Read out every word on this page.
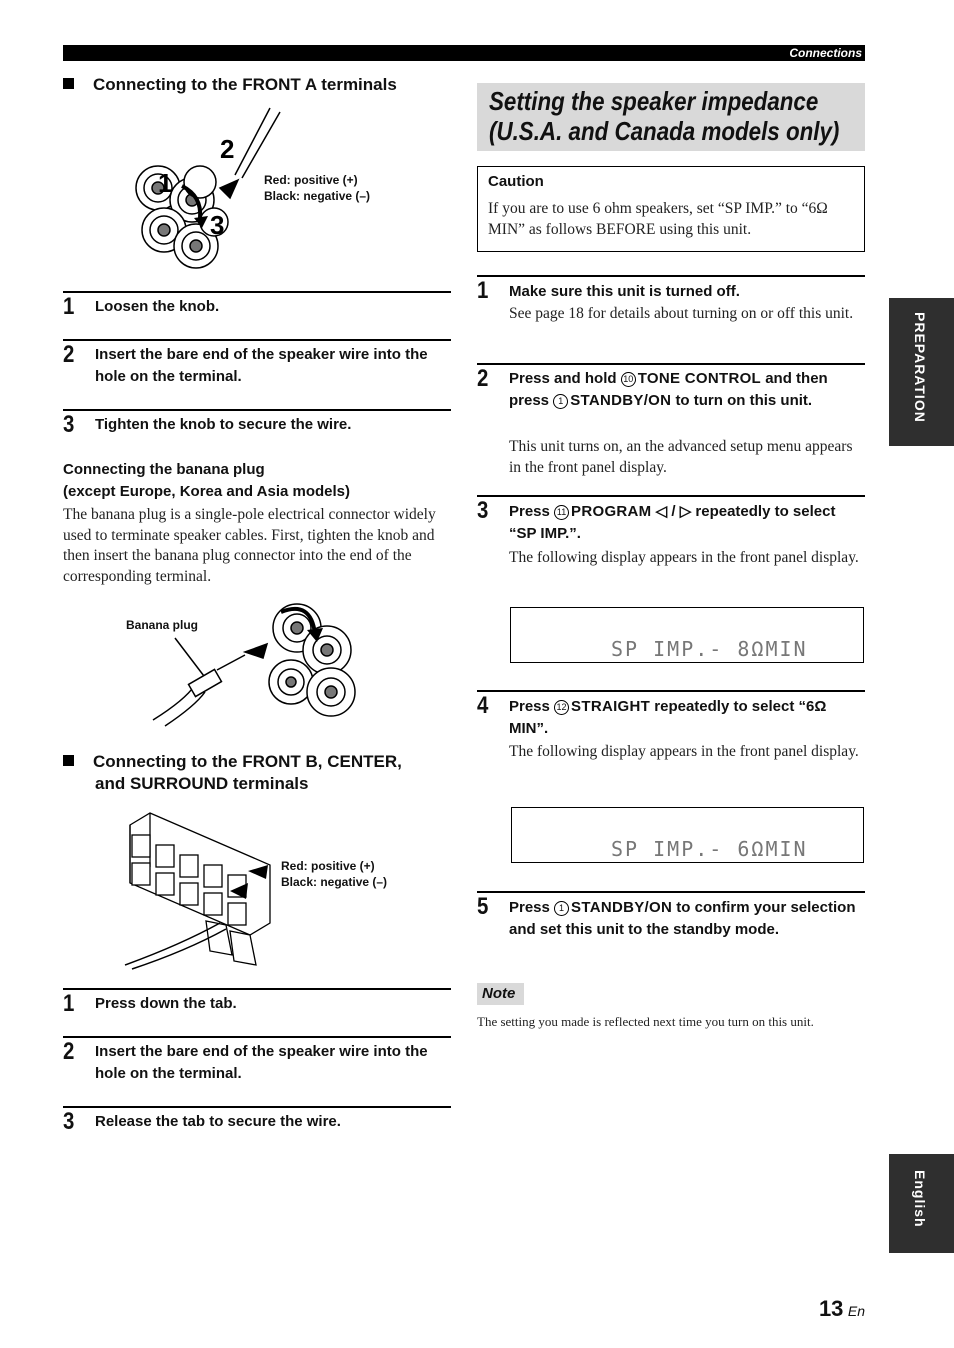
Connections
Connecting to the FRONT A terminals
2
1
3
Red: positive (+)
Black: negative (–)
1 Loosen the knob.
2 Insert the bare end of the speaker wire into the hole on the terminal.
3 Tighten the knob to secure the wire.
Connecting the banana plug
(except Europe, Korea and Asia models)
The banana plug is a single-pole electrical connector widely used to terminate speaker cables. First, tighten the knob and then insert the banana plug connector into the end of the corresponding terminal.
Banana plug
Connecting to the FRONT B, CENTER,
and SURROUND terminals
Red: positive (+)
Black: negative (–)
1 Press down the tab.
2 Insert the bare end of the speaker wire into the hole on the terminal.
3 Release the tab to secure the wire.
Setting the speaker impedance
(U.S.A. and Canada models only)
Caution
If you are to use 6 ohm speakers, set “SP IMP.” to “6Ω MIN” as follows BEFORE using this unit.
1 Make sure this unit is turned off.
See page 18 for details about turning on or off this unit.
2 Press and hold 10 TONE CONTROL and then press 1 STANDBY/ON to turn on this unit.
This unit turns on, an the advanced setup menu appears in the front panel display.
3 Press 11 PROGRAM ◁ / ▷ repeatedly to select “SP IMP.”.
The following display appears in the front panel display.
SP IMP.- 8ΩMIN
4 Press 12 STRAIGHT repeatedly to select “6Ω MIN”.
The following display appears in the front panel display.
SP IMP.- 6ΩMIN
5 Press 1 STANDBY/ON to confirm your selection and set this unit to the standby mode.
Note
The setting you made is reflected next time you turn on this unit.
PREPARATION
English
13 En
